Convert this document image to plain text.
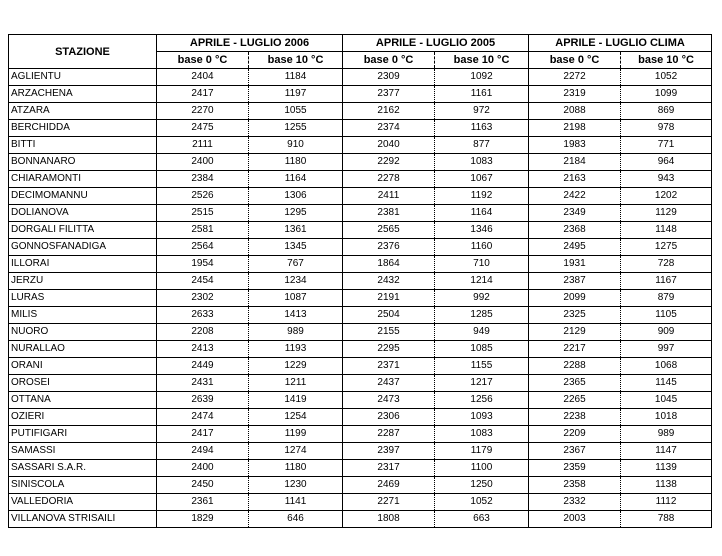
STAZIONE	APRILE - LUGLIO 2006		APRILE - LUGLIO 2005		APRILE - LUGLIO CLIMA	
	base 0 °C	base 10 °C	base 0 °C	base 10 °C	base 0 °C	base 10 °C
AGLIENTU	2404	1184	2309	1092	2272	1052
ARZACHENA	2417	1197	2377	1161	2319	1099
ATZARA	2270	1055	2162	972	2088	869
BERCHIDDA	2475	1255	2374	1163	2198	978
BITTI	2111	910	2040	877	1983	771
BONNANARO	2400	1180	2292	1083	2184	964
CHIARAMONTI	2384	1164	2278	1067	2163	943
DECIMOMANNU	2526	1306	2411	1192	2422	1202
DOLIANOVA	2515	1295	2381	1164	2349	1129
DORGALI FILITTA	2581	1361	2565	1346	2368	1148
GONNOSFANADIGA	2564	1345	2376	1160	2495	1275
ILLORAI	1954	767	1864	710	1931	728
JERZU	2454	1234	2432	1214	2387	1167
LURAS	2302	1087	2191	992	2099	879
MILIS	2633	1413	2504	1285	2325	1105
NUORO	2208	989	2155	949	2129	909
NURALLAO	2413	1193	2295	1085	2217	997
ORANI	2449	1229	2371	1155	2288	1068
OROSEI	2431	1211	2437	1217	2365	1145
OTTANA	2639	1419	2473	1256	2265	1045
OZIERI	2474	1254	2306	1093	2238	1018
PUTIFIGARI	2417	1199	2287	1083	2209	989
SAMASSI	2494	1274	2397	1179	2367	1147
SASSARI S.A.R.	2400	1180	2317	1100	2359	1139
SINISCOLA	2450	1230	2469	1250	2358	1138
VALLEDORIA	2361	1141	2271	1052	2332	1112
VILLANOVA STRISAILI	1829	646	1808	663	2003	788
